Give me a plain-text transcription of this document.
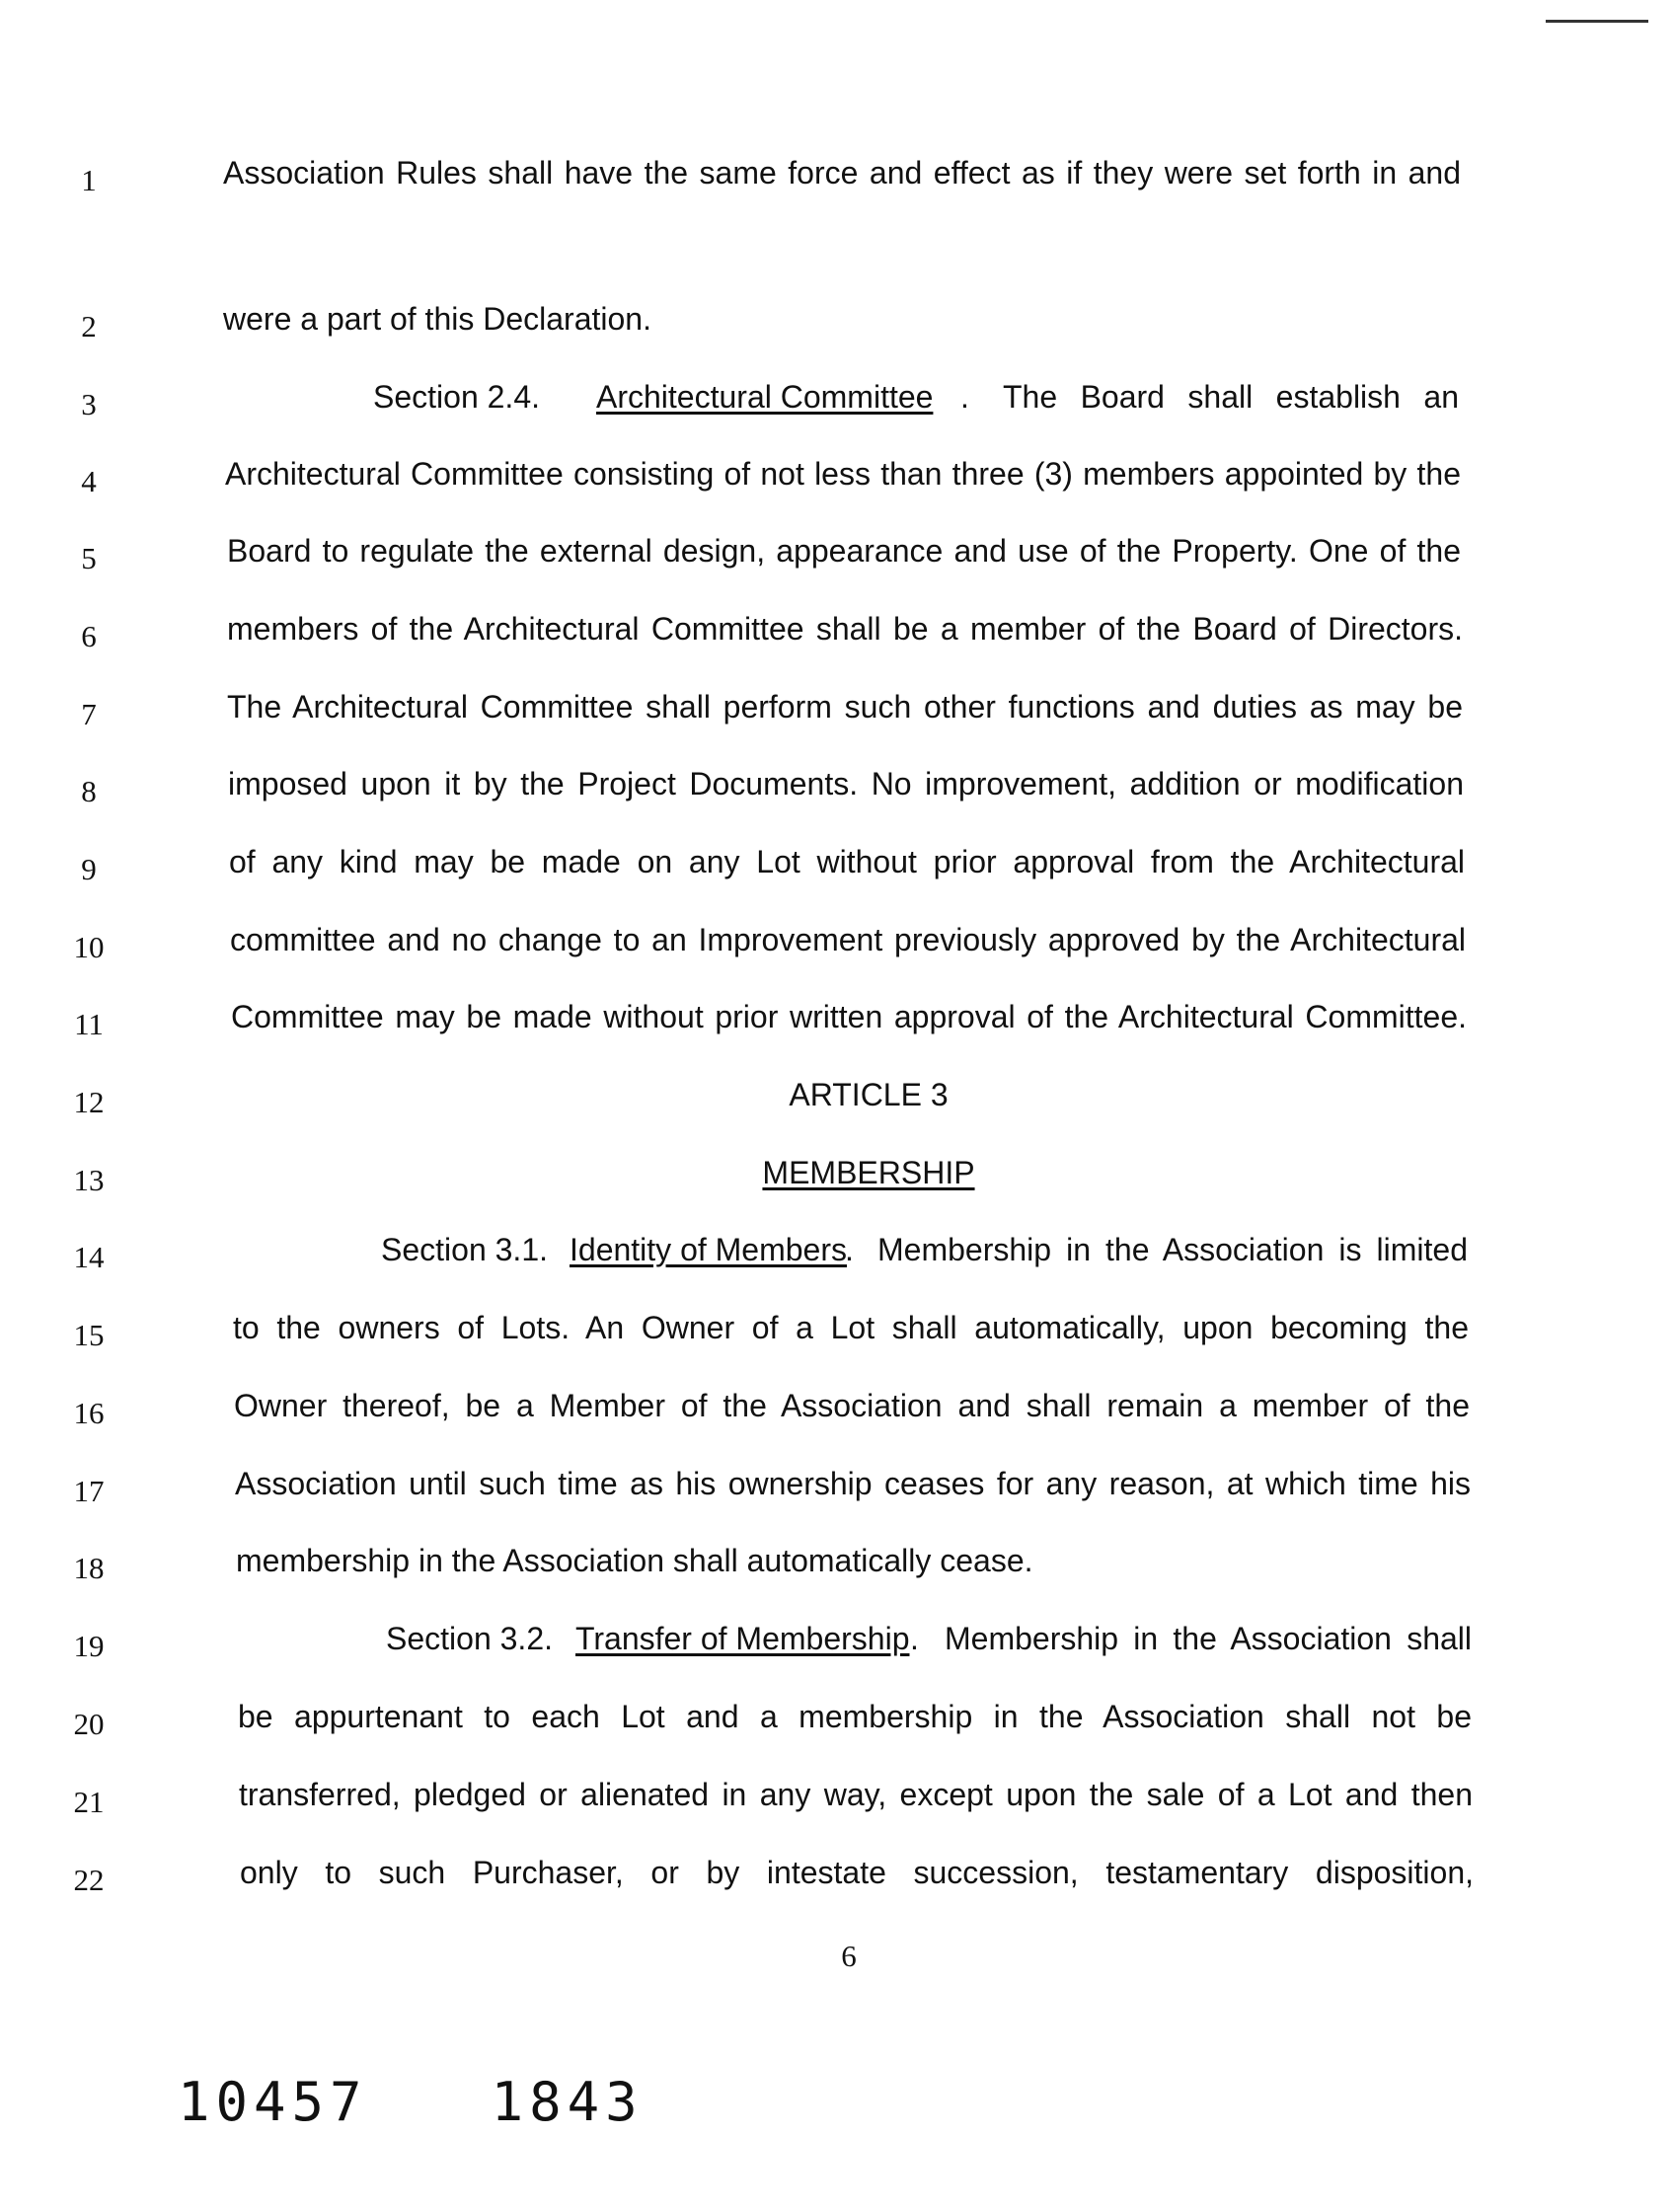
1	Association Rules shall have the same force and effect as if they were set forth in and
2	were a part of this Declaration.
3	Section 2.4. Architectural Committee . The Board shall establish an
4	Architectural Committee consisting of not less than three (3) members appointed by the
5	Board to regulate the external design, appearance and use of the Property. One of the
6	members of the Architectural Committee shall be a member of the Board of Directors.
7	The Architectural Committee shall perform such other functions and duties as may be
8	imposed upon it by the Project Documents. No improvement, addition or modification
9	of any kind may be made on any Lot without prior approval from the Architectural
10	committee and no change to an Improvement previously approved by the Architectural
11	Committee may be made without prior written approval of the Architectural Committee.
12	ARTICLE 3
13	MEMBERSHIP
14	Section 3.1. Identity of Members
. Membership in the Association is limited
15	to the owners of Lots. An Owner of a Lot shall automatically, upon becoming the
16	Owner thereof, be a Member of the Association and shall remain a member of the
17	Association until such time as his ownership ceases for any reason, at which time his
18	membership in the Association shall automatically cease.
19	Section 3.2. Transfer of Membership . Membership in the Association shall
20	be appurtenant to each Lot and a membership in the Association shall not be
21	transferred, pledged or alienated in any way, except upon the sale of a Lot and then
22	only to such Purchaser, or by intestate succession, testamentary disposition,
6
10457 1843
